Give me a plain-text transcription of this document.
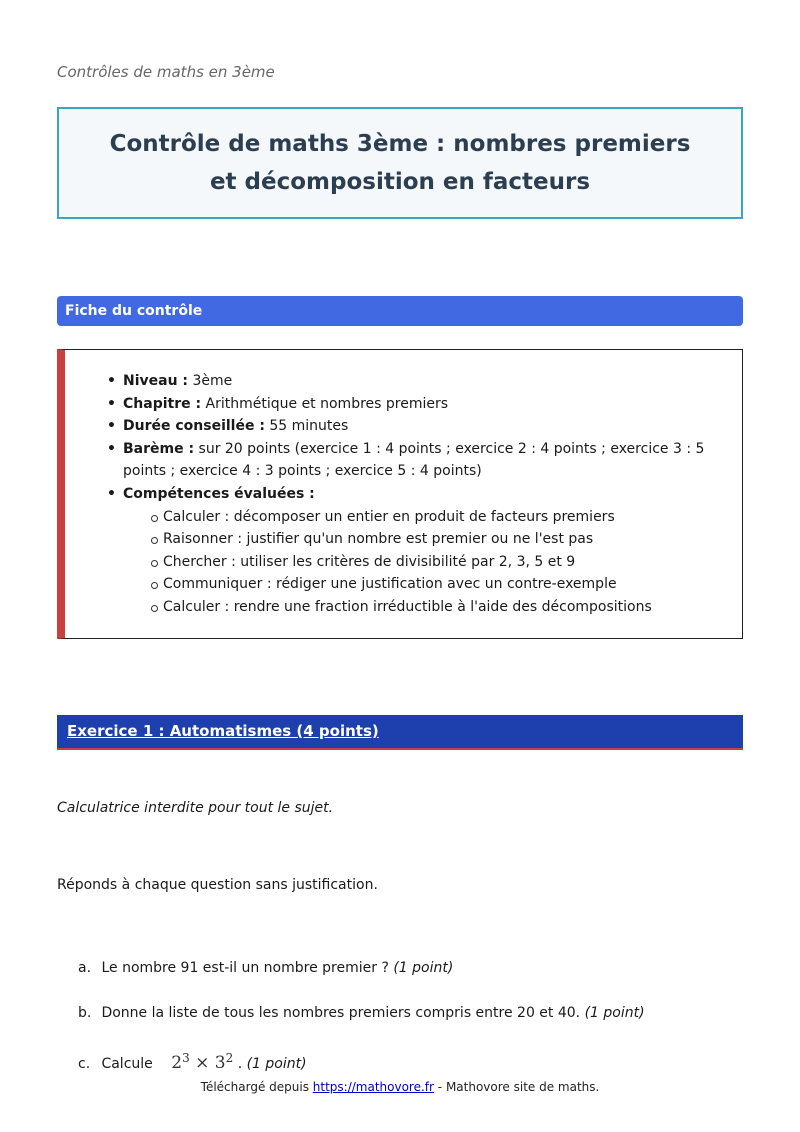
Contrôles de maths en 3ème
Contrôle de maths 3ème : nombres premiers et décomposition en facteurs
Fiche du contrôle
• Niveau : 3ème
• Chapitre : Arithmétique et nombres premiers
• Durée conseillée : 55 minutes
• Barème : sur 20 points (exercice 1 : 4 points ; exercice 2 : 4 points ; exercice 3 : 5 points ; exercice 4 : 3 points ; exercice 5 : 4 points)
• Compétences évaluées :
Calculer : décomposer un entier en produit de facteurs premiers
Raisonner : justifier qu'un nombre est premier ou ne l'est pas
Chercher : utiliser les critères de divisibilité par 2, 3, 5 et 9
Communiquer : rédiger une justification avec un contre-exemple
Calculer : rendre une fraction irréductible à l'aide des décompositions
Exercice 1 : Automatismes (4 points)
Calculatrice interdite pour tout le sujet.
Réponds à chaque question sans justification.
a. Le nombre 91 est-il un nombre premier ? (1 point)
b. Donne la liste de tous les nombres premiers compris entre 20 et 40. (1 point)
c. Calcule $2^3 \times 3^2$ . (1 point)
Téléchargé depuis https://mathovore.fr - Mathovore site de maths.
